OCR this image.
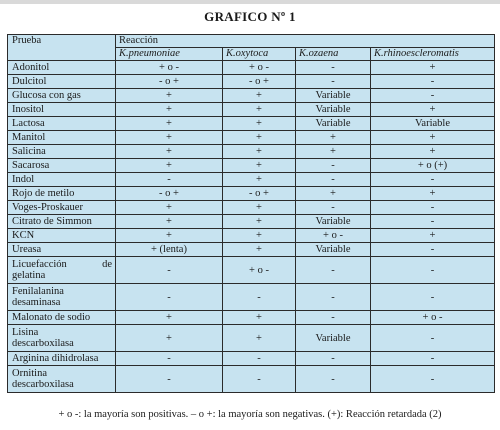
GRAFICO Nº 1
Prueba	Reacción			
	K.pneumoniae	K.oxytoca	K.ozaena	K.rhinoescleromatis
Adonitol	+ o -	+ o -	-	+
Dulcitol	- o +	- o +	-	-
Glucosa con gas	+	+	Variable	-
Inositol	+	+	Variable	+
Lactosa	+	+	Variable	Variable
Manitol	+	+	+	+
Salicina	+	+	+	+
Sacarosa	+	+	-	+ o (+)
Indol	-	+	-	-
Rojo de metilo	- o +	- o +	+	+
Voges-Proskauer	+	+	-	-
Citrato de Simmon	+	+	Variable	-
KCN	+	+	+ o -	+
Ureasa	+ (lenta)	+	Variable	-

Licuefacción de
gelatina	-	+ o -	-	-

Fenilalanina
desaminasa	-	-	-	-
Malonato de sodio	+	+	-	+ o -

Lisina
descarboxilasa	+	+	Variable	-
Arginina dihidrolasa	-	-	-	-

Ornitina
descarboxilasa	-	-	-	-
+ o -: la mayoría son positivas. – o +: la mayoría son negativas. (+): Reacción retardada (2)
